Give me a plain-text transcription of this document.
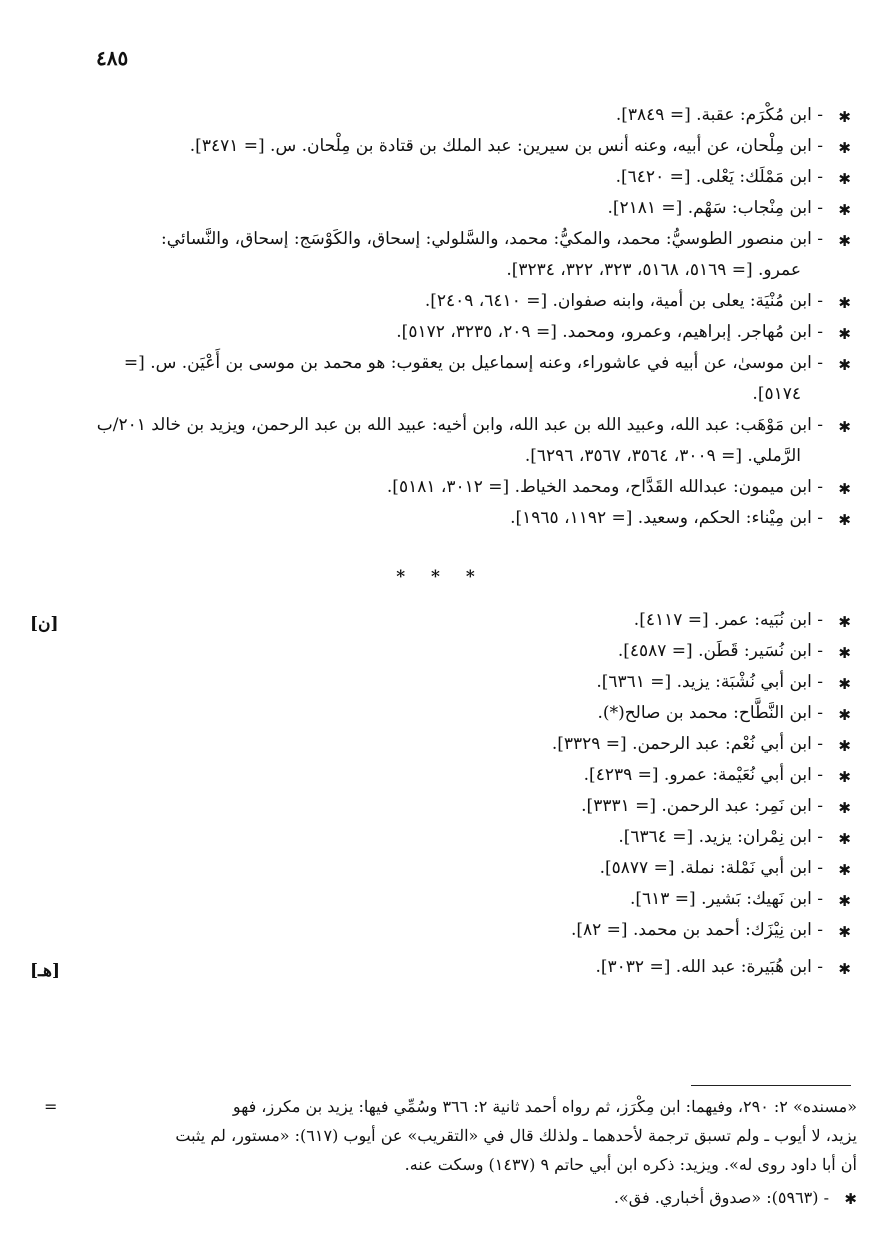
٤٨٥

✱
- ابن مُكْرَم: عقبة. [= ٣٨٤٩].

✱
- ابن مِلْحان، عن أبيه، وعنه أنس بن سيرين: عبد الملك بن قتادة بن مِلْحان. س. [= ٣٤٧١].

✱
- ابن مَمْلَك: يَعْلى. [= ٦٤٢٠].

✱
- ابن مِنْجاب: سَهْم. [= ٢١٨١].

✱
- ابن منصور الطوسيُّ: محمد، والمكيُّ: محمد، والسَّلولي: إسحاق، والكَوْسَج: إسحاق، والنَّسائي:
عمرو. [= ٥١٦٩، ٥١٦٨، ٣٢٣، ٣٢٢، ٣٢٣٤].

✱
- ابن مُنْيَة: يعلى بن أمية، وابنه صفوان. [= ٦٤١٠، ٢٤٠٩].

✱
- ابن مُهاجر. إبراهيم، وعمرو، ومحمد. [= ٢٠٩، ٣٢٣٥، ٥١٧٢].

✱
- ابن موسىٰ، عن أبيه في عاشوراء، وعنه إسماعيل بن يعقوب: هو محمد بن موسى بن أَعْيَن. س. [=
٥١٧٤].

✱
- ابن مَوْهَب: عبد الله، وعبيد الله بن عبد الله، وابن أخيه: عبيد الله بن عبد الرحمن، ويزيد بن خالد ٢٠١/ب
الرَّملي. [= ٣٠٠٩، ٣٥٦٤، ٣٥٦٧، ٦٢٩٦].

✱
- ابن ميمون: عبدالله القَدَّاح، ومحمد الخياط. [= ٣٠١٢، ٥١٨١].

✱
- ابن مِيْناء: الحكم، وسعيد. [= ١١٩٢، ١٩٦٥].

* * *
[ن]	✱
- ابن نُبَيه: عمر. [= ٤١١٧].

✱
- ابن نُسَير: قَطَن. [= ٤٥٨٧].

✱
- ابن أبي نُشْبَة: يزيد. [= ٦٣٦١].

✱
- ابن النَّطَّاح: محمد بن صالح(*).

✱
- ابن أبي نُعْم: عبد الرحمن. [= ٣٣٢٩].

✱
- ابن أبي نُعَيْمة: عمرو. [= ٤٢٣٩].

✱
- ابن نَمِر: عبد الرحمن. [= ٣٣٣١].

✱
- ابن نِمْران: يزيد. [= ٦٣٦٤].

✱
- ابن أبي نَمْلة: نملة. [= ٥٨٧٧].

✱
- ابن نَهيك: بَشير. [= ٦١٣].

✱
- ابن نِيْزَك: أحمد بن محمد. [= ٨٢].

[هـ]	✱
- ابن هُبَيرة: عبد الله. [= ٣٠٣٢].

=	«مسنده» ٢: ٢٩٠، وفيهما: ابن مِكْرَز، ثم رواه أحمد ثانية ٢: ٣٦٦ وسُمِّي فيها: يزيد بن مكرز، فهو
يزيد، لا أيوب ـ ولم تسبق ترجمة لأحدهما ـ ولذلك قال في «التقريب» عن أيوب (٦١٧): «مستور، لم يثبت
أن أبا داود روى له». ويزيد: ذكره ابن أبي حاتم ٩ (١٤٣٧) وسكت عنه.

✱
- (٥٩٦٣): «صدوق أخباري. فق».
